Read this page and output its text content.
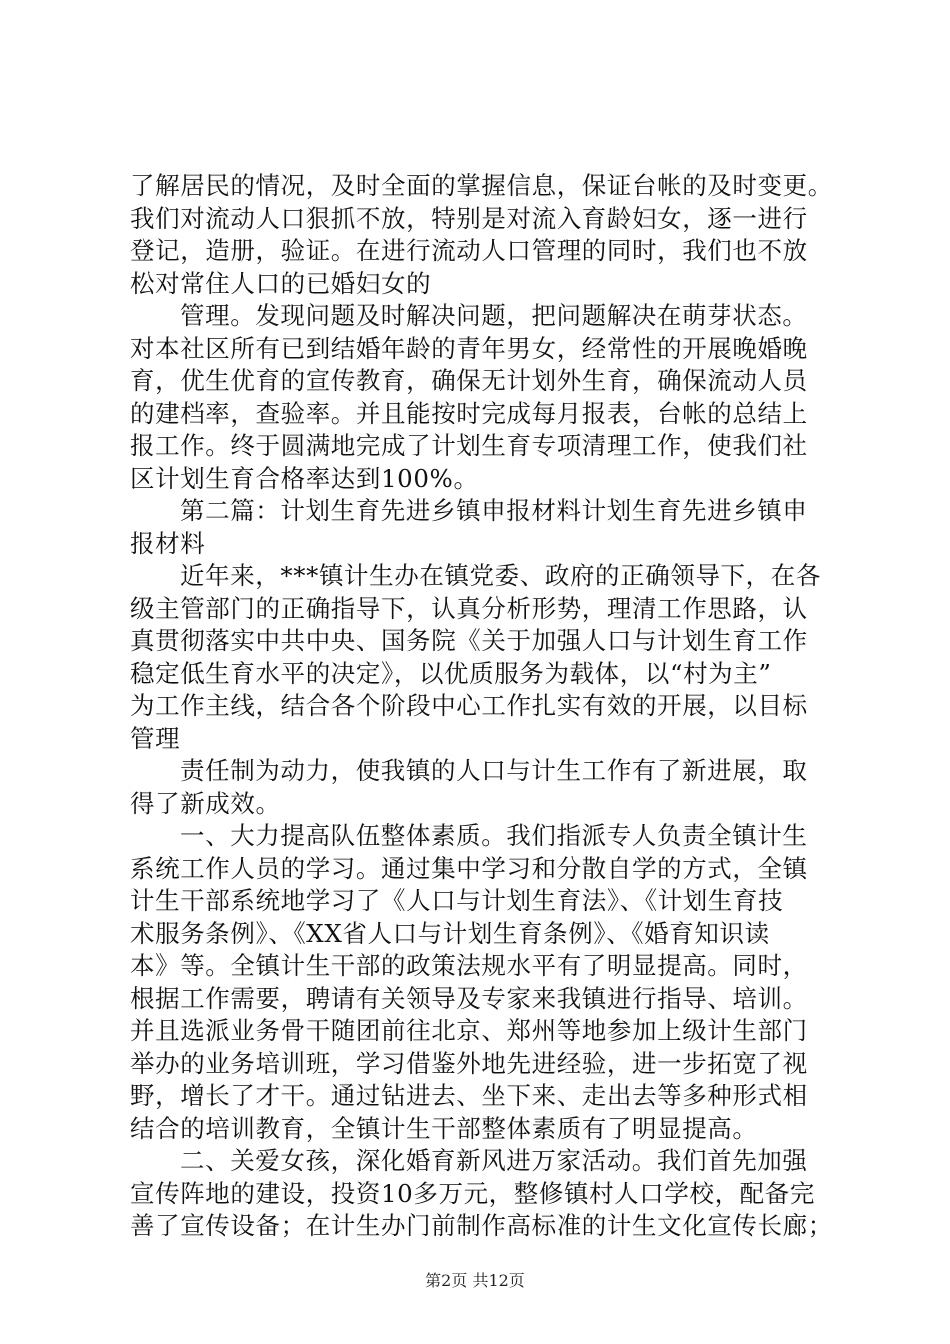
了解居民的情况，及时全面的掌握信息，保证台帐的及时变更。
我们对流动人口狠抓不放，特别是对流入育龄妇女，逐一进行
登记，造册，验证。在进行流动人口管理的同时，我们也不放
松对常住人口的已婚妇女的
管理。发现问题及时解决问题，把问题解决在萌芽状态。
对本社区所有已到结婚年龄的青年男女，经常性的开展晚婚晚
育，优生优育的宣传教育，确保无计划外生育，确保流动人员
的建档率，查验率。并且能按时完成每月报表，台帐的总结上
报工作。终于圆满地完成了计划生育专项清理工作，使我们社
区计划生育合格率达到100%。
第二篇：计划生育先进乡镇申报材料计划生育先进乡镇申
报材料
近年来，***镇计生办在镇党委、政府的正确领导下，在各
级主管部门的正确指导下，认真分析形势，理清工作思路，认
真贯彻落实中共中央、国务院《关于加强人口与计划生育工作
稳定低生育水平的决定》，以优质服务为载体，以“村为主”
为工作主线，结合各个阶段中心工作扎实有效的开展，以目标
管理
责任制为动力，使我镇的人口与计生工作有了新进展，取
得了新成效。
一、大力提高队伍整体素质。我们指派专人负责全镇计生
系统工作人员的学习。通过集中学习和分散自学的方式，全镇
计生干部系统地学习了《人口与计划生育法》、《计划生育技
术服务条例》、《XX省人口与计划生育条例》、《婚育知识读
本》等。全镇计生干部的政策法规水平有了明显提高。同时，
根据工作需要，聘请有关领导及专家来我镇进行指导、培训。
并且选派业务骨干随团前往北京、郑州等地参加上级计生部门
举办的业务培训班，学习借鉴外地先进经验，进一步拓宽了视
野，增长了才干。通过钻进去、坐下来、走出去等多种形式相
结合的培训教育，全镇计生干部整体素质有了明显提高。
二、关爱女孩，深化婚育新风进万家活动。我们首先加强
宣传阵地的建设，投资10多万元，整修镇村人口学校，配备完
善了宣传设备；在计生办门前制作高标准的计生文化宣传长廊；
第2页 共12页
